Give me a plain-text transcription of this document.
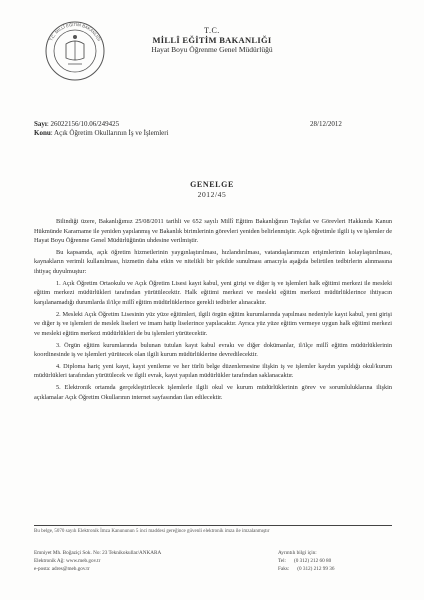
T.C. MİLLÎ EĞİTİM BAKANLIĞI
T.C.
MİLLÎ EĞİTİM BAKANLIĞI
Hayat Boyu Öğrenme Genel Müdürlüğü
Sayı: 26022156/10.06/249425	28/12/2012
Konu: Açık Öğretim Okullarının İş ve İşlemleri
GENELGE
2012/45

Bilindiği üzere, Bakanlığımız 25/08/2011 tarihli ve 652 sayılı Millî Eğitim Bakanlığının Teşkilat ve Görevleri Hakkında Kanun Hükmünde Kararname ile yeniden yapılanmış ve Bakanlık birimlerinin görevleri yeniden belirlenmiştir. Açık öğretimle ilgili iş ve işlemler de Hayat Boyu Öğrenme Genel Müdürlüğünün uhdesine verilmiştir.

Bu kapsamda, açık öğretim hizmetlerinin yaygınlaştırılması, hızlandırılması, vatandaşlarımızın erişimlerinin kolaylaştırılması, kaynakların verimli kullanılması, hizmetin daha etkin ve nitelikli bir şekilde sunulması amacıyla aşağıda belirtilen tedbirlerin alınmasına ihtiyaç duyulmuştur:

1. Açık Öğretim Ortaokulu ve Açık Öğretim Lisesi kayıt kabul, yeni girişi ve diğer iş ve işlemleri halk eğitimi merkezi ile mesleki eğitim merkezi müdürlükleri tarafından yürütülecektir. Halk eğitimi merkezi ve mesleki eğitim merkezi müdürlüklerince ihtiyacın karşılanamadığı durumlarda il/ilçe millî eğitim müdürlüklerince gerekli tedbirler alınacaktır.

2. Mesleki Açık Öğretim Lisesinin yüz yüze eğitimleri, ilgili örgün eğitim kurumlarında yapılması nedeniyle kayıt kabul, yeni girişi ve diğer iş ve işlemleri de meslek liseleri ve imam hatip liselerince yapılacaktır. Ayrıca yüz yüze eğitim vermeye uygun halk eğitimi merkezi ve mesleki eğitim merkezi müdürlükleri de bu işlemleri yürütecektir.

3. Örgün eğitim kurumlarında bulunan tutulan kayıt kabul evrakı ve diğer dokümanlar, il/ilçe millî eğitim müdürlüklerinin koordinesinde iş ve işlemleri yürütecek olan ilgili kurum müdürlüklerine devredilecektir.

4. Diploma hariç yeni kayıt, kayıt yenileme ve her türlü belge düzenlemesine ilişkin iş ve işlemler kaydın yapıldığı okul/kurum müdürlükleri tarafından yürütülecek ve ilgili evrak, kayıt yapılan müdürlükler tarafından saklanacaktır.

5. Elektronik ortamda gerçekleştirilecek işlemlerle ilgili okul ve kurum müdürlüklerinin görev ve sorumluluklarına ilişkin açıklamalar Açık Öğretim Okullarının internet sayfasından ilan edilecektir.

Bu belge, 5070 sayılı Elektronik İmza Kanununun 5 inci maddesi gereğince güvenli elektronik imza ile imzalanmıştır
Emniyet Mh. Boğaziçi Sok. No: 23 Teknikokullar/ANKARA
Elektronik Ağ: www.meb.gov.tr
e-posta: adres@meb.gov.tr
Ayrıntılı bilgi için:
Tel: (0 312) 212 60 80
Faks: (0 312) 212 99 36
